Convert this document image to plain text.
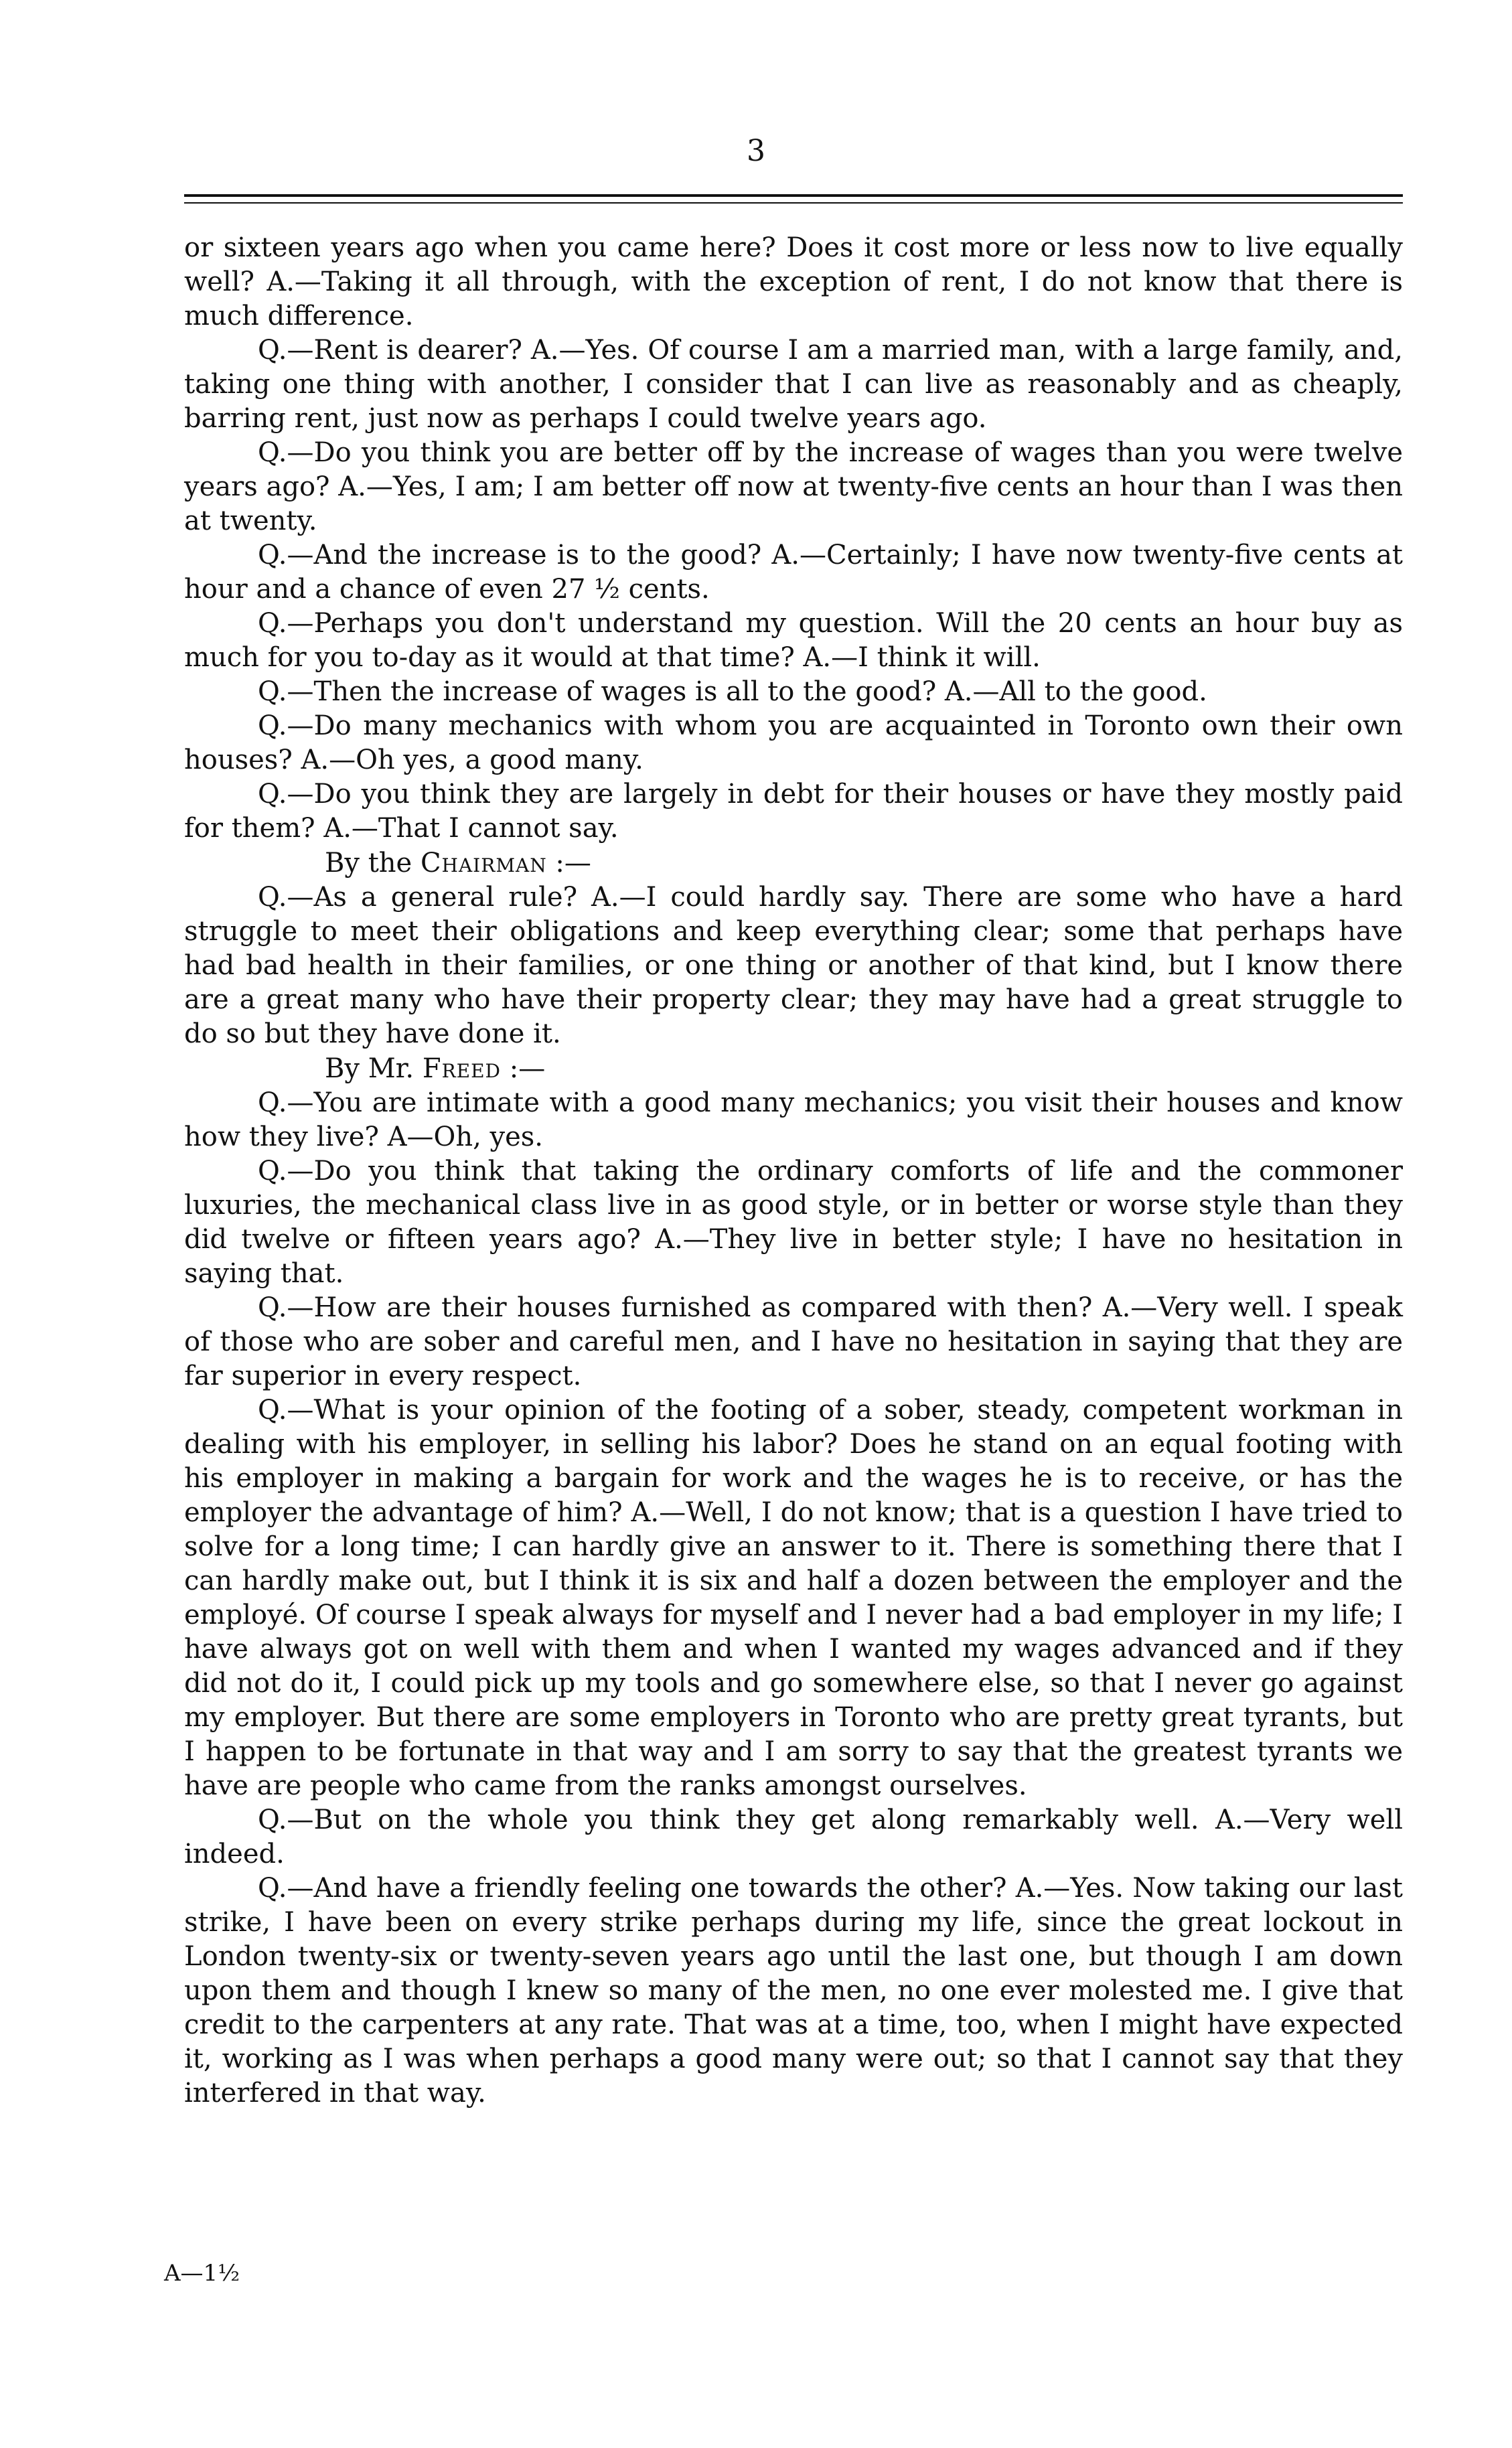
3

or sixteen years ago when you came here? Does it cost more or less now to live equally well? A.—Taking it all through, with the exception of rent, I do not know that there is much difference.

Q.—Rent is dearer? A.—Yes. Of course I am a married man, with a large family, and, taking one thing with another, I consider that I can live as reasonably and as cheaply, barring rent, just now as perhaps I could twelve years ago.

Q.—Do you think you are better off by the increase of wages than you were twelve years ago? A.—Yes, I am; I am better off now at twenty-five cents an hour than I was then at twenty.

Q.—And the increase is to the good? A.—Certainly; I have now twenty-five cents at hour and a chance of even 27 ½ cents.

Q.—Perhaps you don't understand my question. Will the 20 cents an hour buy as much for you to-day as it would at that time? A.—I think it will.

Q.—Then the increase of wages is all to the good? A.—All to the good.

Q.—Do many mechanics with whom you are acquainted in Toronto own their own houses? A.—Oh yes, a good many.

Q.—Do you think they are largely in debt for their houses or have they mostly paid for them? A.—That I cannot say.

By the Chairman :—

Q.—As a general rule? A.—I could hardly say. There are some who have a hard struggle to meet their obligations and keep everything clear; some that perhaps have had bad health in their families, or one thing or another of that kind, but I know there are a great many who have their property clear; they may have had a great struggle to do so but they have done it.

By Mr. Freed :—

Q.—You are intimate with a good many mechanics; you visit their houses and know how they live? A—Oh, yes.

Q.—Do you think that taking the ordinary comforts of life and the commoner luxuries, the mechanical class live in as good style, or in better or worse style than they did twelve or fifteen years ago? A.—They live in better style; I have no hesitation in saying that.

Q.—How are their houses furnished as compared with then? A.—Very well. I speak of those who are sober and careful men, and I have no hesitation in saying that they are far superior in every respect.

Q.—What is your opinion of the footing of a sober, steady, competent workman in dealing with his employer, in selling his labor? Does he stand on an equal footing with his employer in making a bargain for work and the wages he is to receive, or has the employer the advantage of him? A.—Well, I do not know; that is a question I have tried to solve for a long time; I can hardly give an answer to it. There is something there that I can hardly make out, but I think it is six and half a dozen between the employer and the employé. Of course I speak always for myself and I never had a bad employer in my life; I have always got on well with them and when I wanted my wages advanced and if they did not do it, I could pick up my tools and go somewhere else, so that I never go against my employer. But there are some employers in Toronto who are pretty great tyrants, but I happen to be fortunate in that way and I am sorry to say that the greatest tyrants we have are people who came from the ranks amongst ourselves.

Q.—But on the whole you think they get along remarkably well. A.—Very well indeed.

Q.—And have a friendly feeling one towards the other? A.—Yes. Now taking our last strike, I have been on every strike perhaps during my life, since the great lockout in London twenty-six or twenty-seven years ago until the last one, but though I am down upon them and though I knew so many of the men, no one ever molested me. I give that credit to the carpenters at any rate. That was at a time, too, when I might have expected it, working as I was when perhaps a good many were out; so that I cannot say that they interfered in that way.

A—1½
